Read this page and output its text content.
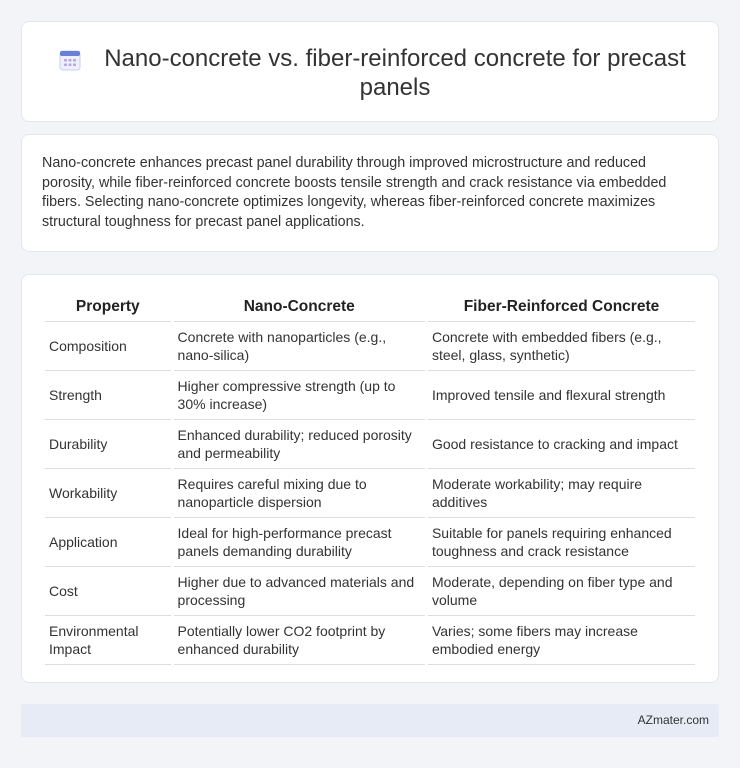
Nano-concrete vs. fiber-reinforced concrete for precast panels

Nano-concrete enhances precast panel durability through improved microstructure and reduced porosity, while fiber-reinforced concrete boosts tensile strength and crack resistance via embedded fibers. Selecting nano-concrete optimizes longevity, whereas fiber-reinforced concrete maximizes structural toughness for precast panel applications.

Property	Nano-Concrete	Fiber-Reinforced Concrete
Composition	Concrete with nanoparticles (e.g., nano-silica)	Concrete with embedded fibers (e.g., steel, glass, synthetic)
Strength	Higher compressive strength (up to 30% increase)	Improved tensile and flexural strength
Durability	Enhanced durability; reduced porosity and permeability	Good resistance to cracking and impact
Workability	Requires careful mixing due to nanoparticle dispersion	Moderate workability; may require additives
Application	Ideal for high-performance precast panels demanding durability	Suitable for panels requiring enhanced toughness and crack resistance
Cost	Higher due to advanced materials and processing	Moderate, depending on fiber type and volume
Environmental Impact	Potentially lower CO2 footprint by enhanced durability	Varies; some fibers may increase embodied energy
AZmater.com
